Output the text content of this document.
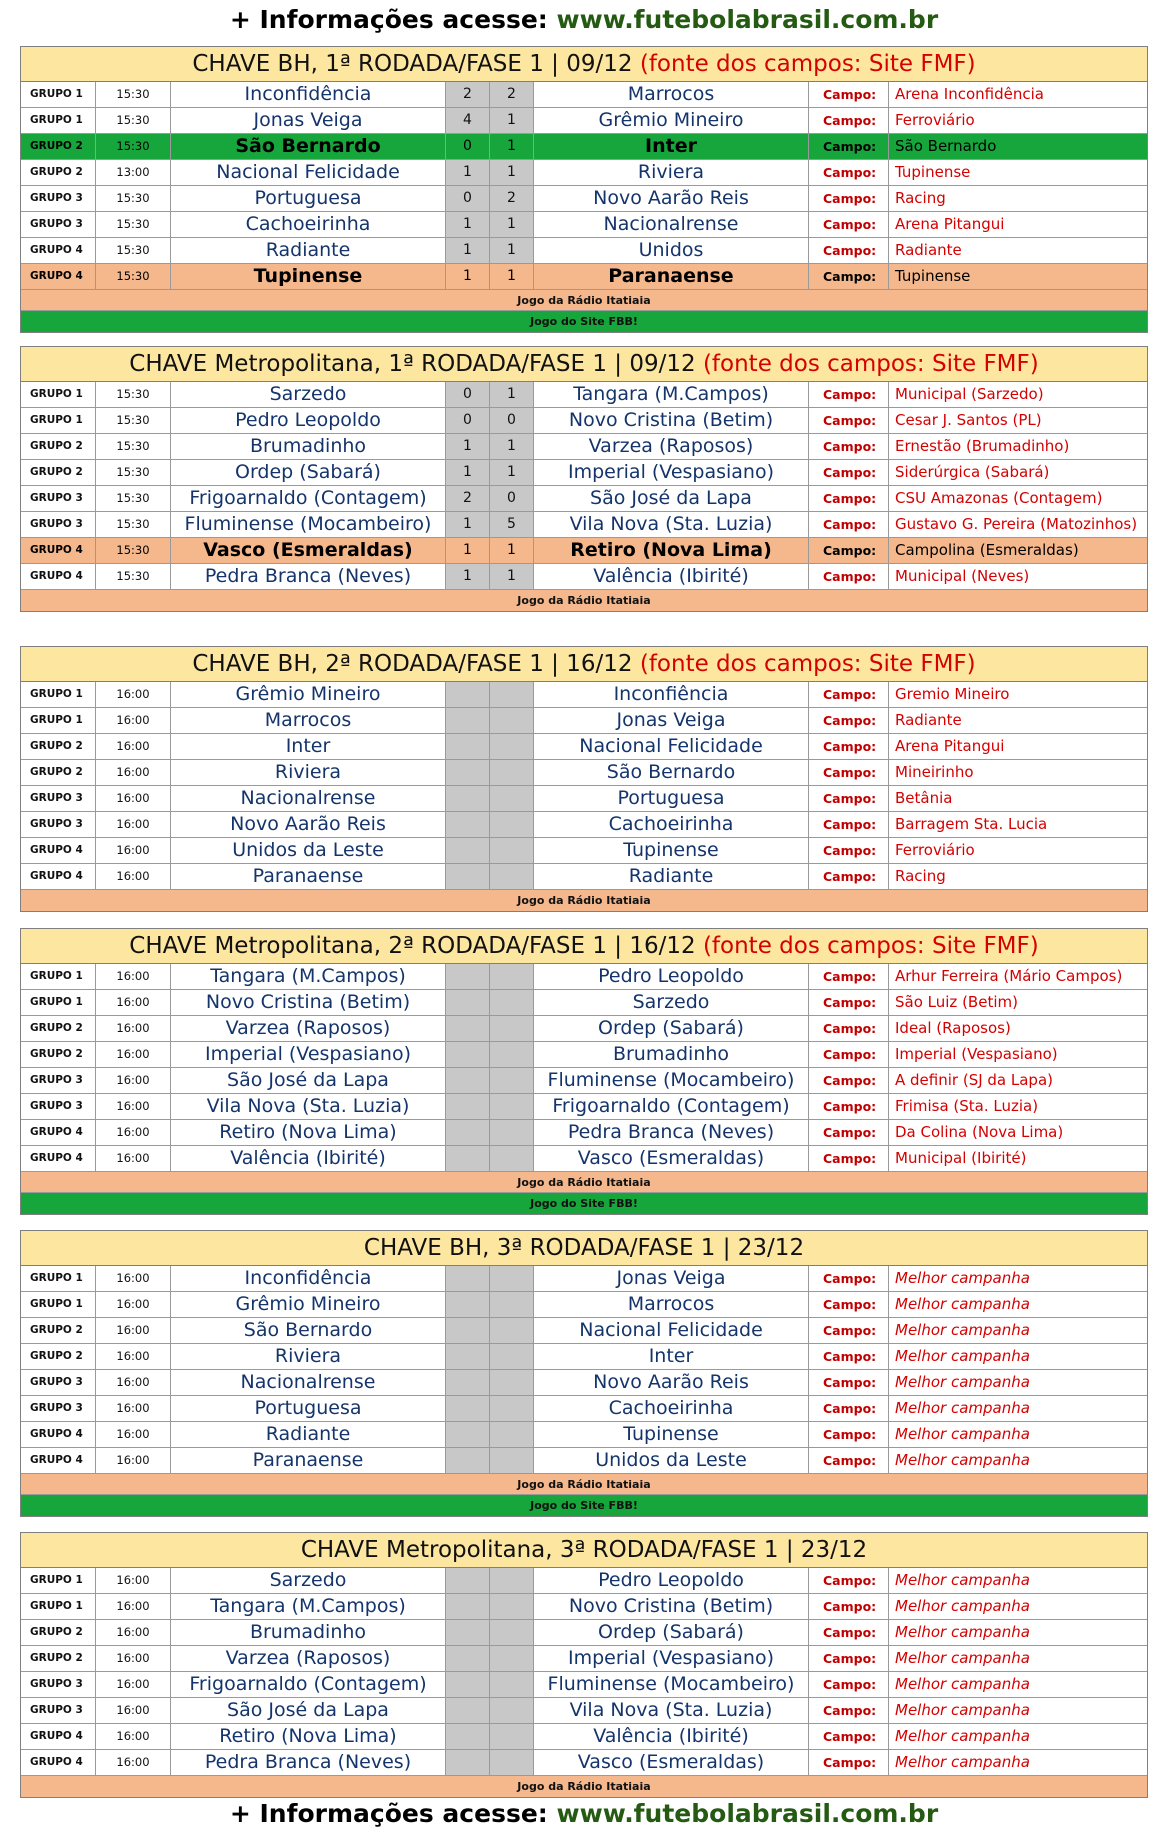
+ Informações acesse: www.futebolabrasil.com.br
CHAVE BH, 1ª RODADA/FASE 1 | 09/12 (fonte dos campos: Site FMF)
GRUPO 1	15:30	Inconfidência	2	2	Marrocos	Campo:	Arena Inconfidência
GRUPO 1	15:30	Jonas Veiga	4	1	Grêmio Mineiro	Campo:	Ferroviário
GRUPO 2	15:30	São Bernardo	0	1	Inter	Campo:	São Bernardo
GRUPO 2	13:00	Nacional Felicidade	1	1	Riviera	Campo:	Tupinense
GRUPO 3	15:30	Portuguesa	0	2	Novo Aarão Reis	Campo:	Racing
GRUPO 3	15:30	Cachoeirinha	1	1	Nacionalrense	Campo:	Arena Pitangui
GRUPO 4	15:30	Radiante	1	1	Unidos	Campo:	Radiante
GRUPO 4	15:30	Tupinense	1	1	Paranaense	Campo:	Tupinense
Jogo da Rádio Itatiaia
Jogo do Site FBB!
CHAVE Metropolitana, 1ª RODADA/FASE 1 | 09/12 (fonte dos campos: Site FMF)
GRUPO 1	15:30	Sarzedo	0	1	Tangara (M.Campos)	Campo:	Municipal (Sarzedo)
GRUPO 1	15:30	Pedro Leopoldo	0	0	Novo Cristina (Betim)	Campo:	Cesar J. Santos (PL)
GRUPO 2	15:30	Brumadinho	1	1	Varzea (Raposos)	Campo:	Ernestão (Brumadinho)
GRUPO 2	15:30	Ordep (Sabará)	1	1	Imperial (Vespasiano)	Campo:	Siderúrgica (Sabará)
GRUPO 3	15:30	Frigoarnaldo (Contagem)	2	0	São José da Lapa	Campo:	CSU Amazonas (Contagem)
GRUPO 3	15:30	Fluminense (Mocambeiro)	1	5	Vila Nova (Sta. Luzia)	Campo:	Gustavo G. Pereira (Matozinhos)
GRUPO 4	15:30	Vasco (Esmeraldas)	1	1	Retiro (Nova Lima)	Campo:	Campolina (Esmeraldas)
GRUPO 4	15:30	Pedra Branca (Neves)	1	1	Valência (Ibirité)	Campo:	Municipal (Neves)
Jogo da Rádio Itatiaia
CHAVE BH, 2ª RODADA/FASE 1 | 16/12 (fonte dos campos: Site FMF)
GRUPO 1	16:00	Grêmio Mineiro	Inconfiência	Campo:	Gremio Mineiro
GRUPO 1	16:00	Marrocos	Jonas Veiga	Campo:	Radiante
GRUPO 2	16:00	Inter	Nacional Felicidade	Campo:	Arena Pitangui
GRUPO 2	16:00	Riviera	São Bernardo	Campo:	Mineirinho
GRUPO 3	16:00	Nacionalrense	Portuguesa	Campo:	Betânia
GRUPO 3	16:00	Novo Aarão Reis	Cachoeirinha	Campo:	Barragem Sta. Lucia
GRUPO 4	16:00	Unidos da Leste	Tupinense	Campo:	Ferroviário
GRUPO 4	16:00	Paranaense	Radiante	Campo:	Racing
Jogo da Rádio Itatiaia
CHAVE Metropolitana, 2ª RODADA/FASE 1 | 16/12 (fonte dos campos: Site FMF)
GRUPO 1	16:00	Tangara (M.Campos)	Pedro Leopoldo	Campo:	Arhur Ferreira (Mário Campos)
GRUPO 1	16:00	Novo Cristina (Betim)	Sarzedo	Campo:	São Luiz (Betim)
GRUPO 2	16:00	Varzea (Raposos)	Ordep (Sabará)	Campo:	Ideal (Raposos)
GRUPO 2	16:00	Imperial (Vespasiano)	Brumadinho	Campo:	Imperial (Vespasiano)
GRUPO 3	16:00	São José da Lapa	Fluminense (Mocambeiro)	Campo:	A definir (SJ da Lapa)
GRUPO 3	16:00	Vila Nova (Sta. Luzia)	Frigoarnaldo (Contagem)	Campo:	Frimisa (Sta. Luzia)
GRUPO 4	16:00	Retiro (Nova Lima)	Pedra Branca (Neves)	Campo:	Da Colina (Nova Lima)
GRUPO 4	16:00	Valência (Ibirité)	Vasco (Esmeraldas)	Campo:	Municipal (Ibirité)
Jogo da Rádio Itatiaia
Jogo do Site FBB!
CHAVE BH, 3ª RODADA/FASE 1 | 23/12
GRUPO 1	16:00	Inconfidência	Jonas Veiga	Campo:	Melhor campanha
GRUPO 1	16:00	Grêmio Mineiro	Marrocos	Campo:	Melhor campanha
GRUPO 2	16:00	São Bernardo	Nacional Felicidade	Campo:	Melhor campanha
GRUPO 2	16:00	Riviera	Inter	Campo:	Melhor campanha
GRUPO 3	16:00	Nacionalrense	Novo Aarão Reis	Campo:	Melhor campanha
GRUPO 3	16:00	Portuguesa	Cachoeirinha	Campo:	Melhor campanha
GRUPO 4	16:00	Radiante	Tupinense	Campo:	Melhor campanha
GRUPO 4	16:00	Paranaense	Unidos da Leste	Campo:	Melhor campanha
Jogo da Rádio Itatiaia
Jogo do Site FBB!
CHAVE Metropolitana, 3ª RODADA/FASE 1 | 23/12
GRUPO 1	16:00	Sarzedo	Pedro Leopoldo	Campo:	Melhor campanha
GRUPO 1	16:00	Tangara (M.Campos)	Novo Cristina (Betim)	Campo:	Melhor campanha
GRUPO 2	16:00	Brumadinho	Ordep (Sabará)	Campo:	Melhor campanha
GRUPO 2	16:00	Varzea (Raposos)	Imperial (Vespasiano)	Campo:	Melhor campanha
GRUPO 3	16:00	Frigoarnaldo (Contagem)	Fluminense (Mocambeiro)	Campo:	Melhor campanha
GRUPO 3	16:00	São José da Lapa	Vila Nova (Sta. Luzia)	Campo:	Melhor campanha
GRUPO 4	16:00	Retiro (Nova Lima)	Valência (Ibirité)	Campo:	Melhor campanha
GRUPO 4	16:00	Pedra Branca (Neves)	Vasco (Esmeraldas)	Campo:	Melhor campanha
Jogo da Rádio Itatiaia
+ Informações acesse: www.futebolabrasil.com.br
